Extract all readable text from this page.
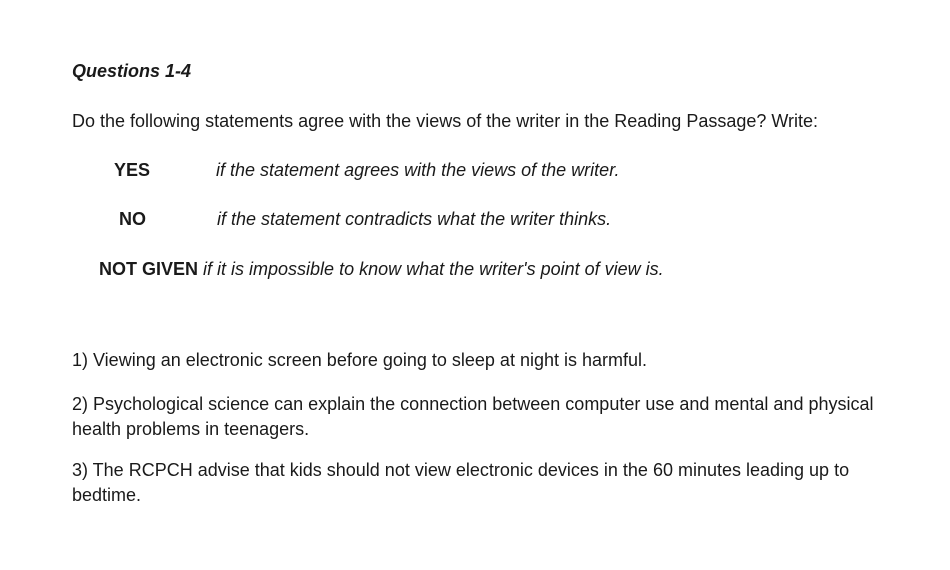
Questions 1-4

Do the following statements agree with the views of the writer in the Reading Passage? Write:

YES	if the statement agrees with the views of the writer.
NO	if the statement contradicts what the writer thinks.
NOT GIVEN if it is impossible to know what the writer's point of view is.

1) Viewing an electronic screen before going to sleep at night is harmful.

2) Psychological science can explain the connection between computer use and mental and physical health problems in teenagers.

3) The RCPCH advise that kids should not view electronic devices in the 60 minutes leading up to bedtime.
